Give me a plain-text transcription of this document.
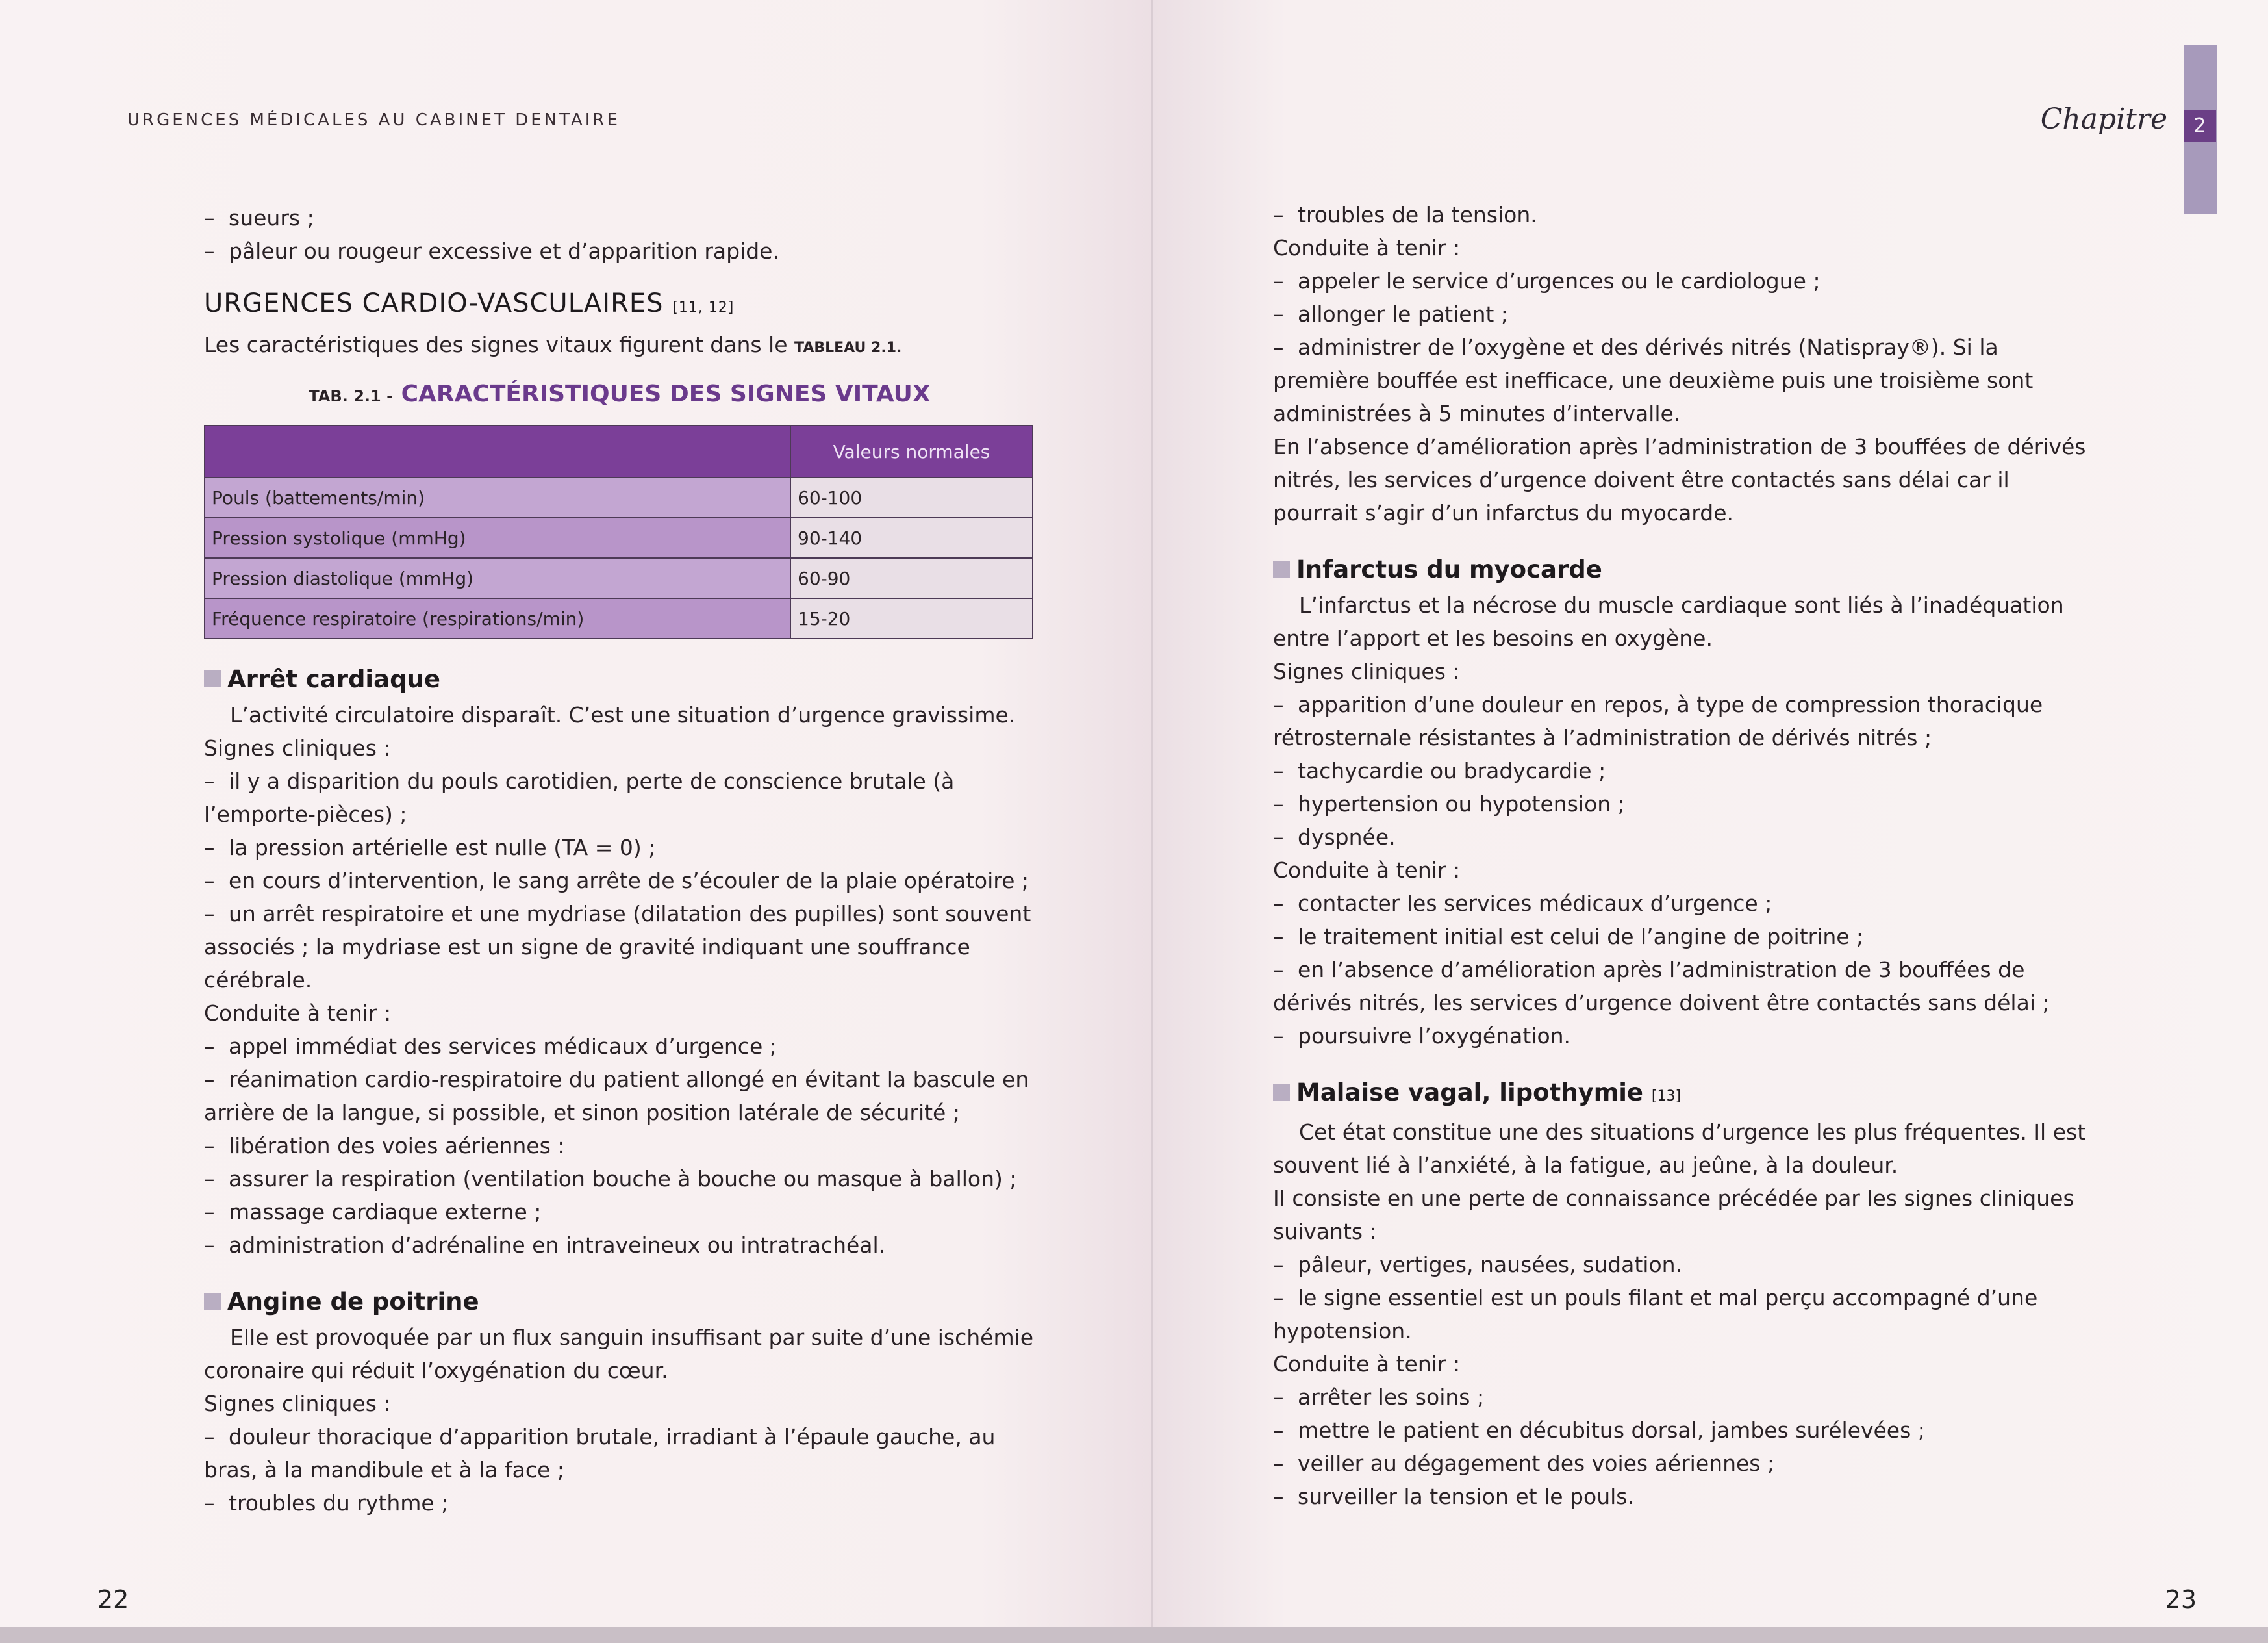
URGENCES MÉDICALES AU CABINET DENTAIRE

– sueurs ;

– pâleur ou rougeur excessive et d’apparition rapide.

URGENCES CARDIO-VASCULAIRES [11, 12]

Les caractéristiques des signes vitaux figurent dans le TABLEAU 2.1.

TAB. 2.1 - CARACTÉRISTIQUES DES SIGNES VITAUX
	Valeurs normales
Pouls (battements/min)	60-100
Pression systolique (mmHg)	90-140
Pression diastolique (mmHg)	60-90
Fréquence respiratoire (respirations/min)	15-20
Arrêt cardiaque

L’activité circulatoire disparaît. C’est une situation d’urgence gravissime.

Signes cliniques :

– il y a disparition du pouls carotidien, perte de conscience brutale (à l’emporte-pièces) ;

– la pression artérielle est nulle (TA = 0) ;

– en cours d’intervention, le sang arrête de s’écouler de la plaie opératoire ;

– un arrêt respiratoire et une mydriase (dilatation des pupilles) sont souvent associés ; la mydriase est un signe de gravité indiquant une souffrance cérébrale.

Conduite à tenir :

– appel immédiat des services médicaux d’urgence ;

– réanimation cardio-respiratoire du patient allongé en évitant la bascule en arrière de la langue, si possible, et sinon position latérale de sécurité ;

– libération des voies aériennes :

– assurer la respiration (ventilation bouche à bouche ou masque à ballon) ;

– massage cardiaque externe ;

– administration d’adrénaline en intraveineux ou intratrachéal.

Angine de poitrine

Elle est provoquée par un flux sanguin insuffisant par suite d’une ischémie coronaire qui réduit l’oxygénation du cœur.

Signes cliniques :

– douleur thoracique d’apparition brutale, irradiant à l’épaule gauche, au bras, à la mandibule et à la face ;

– troubles du rythme ;

22
Chapitre	2

– troubles de la tension.

Conduite à tenir :

– appeler le service d’urgences ou le cardiologue ;

– allonger le patient ;

– administrer de l’oxygène et des dérivés nitrés (Natispray®). Si la première bouffée est inefficace, une deuxième puis une troisième sont administrées à 5 minutes d’intervalle.

En l’absence d’amélioration après l’administration de 3 bouffées de dérivés nitrés, les services d’urgence doivent être contactés sans délai car il pourrait s’agir d’un infarctus du myocarde.

Infarctus du myocarde

L’infarctus et la nécrose du muscle cardiaque sont liés à l’inadéquation entre l’apport et les besoins en oxygène.

Signes cliniques :

– apparition d’une douleur en repos, à type de compression thoracique rétrosternale résistantes à l’administration de dérivés nitrés ;

– tachycardie ou bradycardie ;

– hypertension ou hypotension ;

– dyspnée.

Conduite à tenir :

– contacter les services médicaux d’urgence ;

– le traitement initial est celui de l’angine de poitrine ;

– en l’absence d’amélioration après l’administration de 3 bouffées de dérivés nitrés, les services d’urgence doivent être contactés sans délai ;

– poursuivre l’oxygénation.

Malaise vagal, lipothymie [13]

Cet état constitue une des situations d’urgence les plus fréquentes. Il est souvent lié à l’anxiété, à la fatigue, au jeûne, à la douleur.

Il consiste en une perte de connaissance précédée par les signes cliniques suivants :

– pâleur, vertiges, nausées, sudation.

– le signe essentiel est un pouls filant et mal perçu accompagné d’une hypotension.

Conduite à tenir :

– arrêter les soins ;

– mettre le patient en décubitus dorsal, jambes surélevées ;

– veiller au dégagement des voies aériennes ;

– surveiller la tension et le pouls.

23
